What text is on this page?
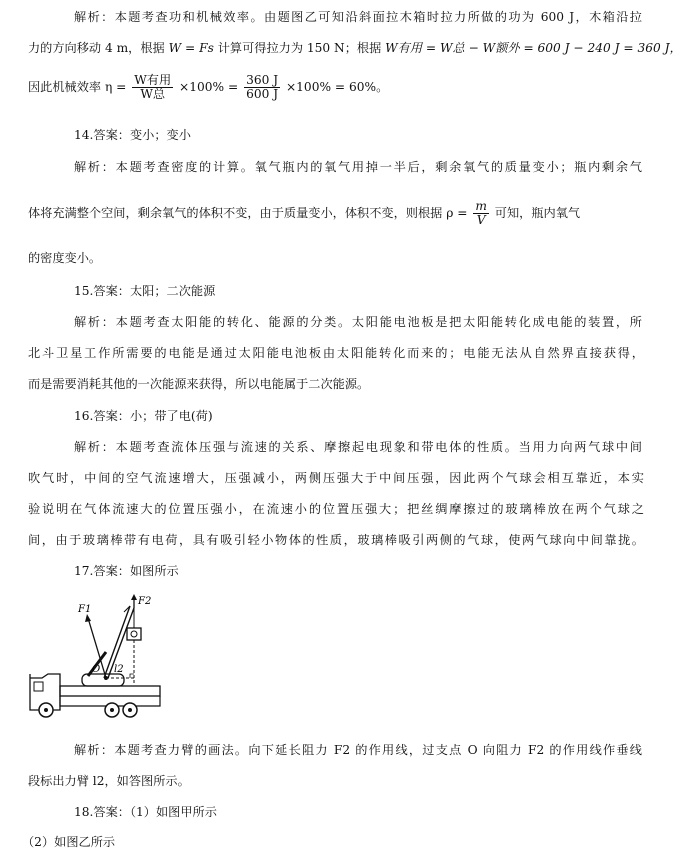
解析：本题考查功和机械效率。由题图乙可知沿斜面拉木箱时拉力所做的功为 600 J，木箱沿拉
力的方向移动 4 m，根据 W = Fs 计算可得拉力为 150 N；根据 W有用 = W总 − W额外 = 600 J − 240 J = 360 J，
因此机械效率 $\eta = \frac{\text{W有用}}{\text{W总}} \times 100\% = \frac{360 J}{600 J} \times 100\% = 60\%$。
14.答案：变小；变小
解析：本题考查密度的计算。氧气瓶内的氧气用掉一半后，剩余氧气的质量变小；瓶内剩余气
体将充满整个空间，剩余氧气的体积不变，由于质量变小，体积不变，则根据 $\rho = \frac{m}{V}$ 可知，瓶内氧气
的密度变小。
15.答案：太阳；二次能源
解析：本题考查太阳能的转化、能源的分类。太阳能电池板是把太阳能转化成电能的装置，所
北斗卫星工作所需要的电能是通过太阳能电池板由太阳能转化而来的；电能无法从自然界直接获得，
而是需要消耗其他的一次能源来获得，所以电能属于二次能源。
16.答案：小；带了电(荷)
解析：本题考查流体压强与流速的关系、摩擦起电现象和带电体的性质。当用力向两气球中间
吹气时，中间的空气流速增大，压强减小，两侧压强大于中间压强，因此两个气球会相互靠近，本实
验说明在气体流速大的位置压强小，在流速小的位置压强大；把丝绸摩擦过的玻璃棒放在两个气球之
间，由于玻璃棒带有电荷，具有吸引轻小物体的性质，玻璃棒吸引两侧的气球，使两气球向中间靠拢。
17.答案：如图所示
F1
F2
O l2
解析：本题考查力臂的画法。向下延长阻力 F2 的作用线，过支点 O 向阻力 F2 的作用线作垂线
段标出力臂 l2，如答图所示。
18.答案：（1）如图甲所示
（2）如图乙所示
